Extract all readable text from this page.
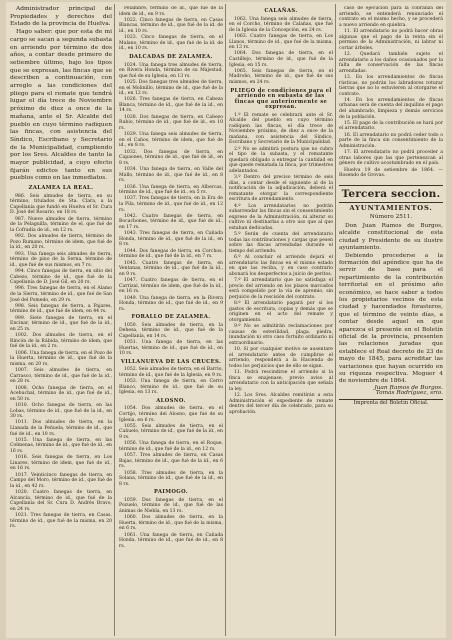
Administrador principal de Propiedades y derechos del Estado de la provincia de Huelva.

Hago saber: que por esta de mi cargo se sacan a segunda subasta en arriendo por término de dos años, a contar desde primero de setiembre último, bajo los tipos que se expresan, las fincas que se describen a continuación, con arreglo a las condiciones del pliego para el remate que tendrá lugar el día trece de Noviembre próximo de diez a once de la mañana, ante el Sr. Alcalde del pueblo en cuyo término radiquen las fincas, con asistencia del Síndico, Escribano y Secretario de la Municipalidad, cumpliendo por los Sres. Alcaldes de tanto la mayor publicidad, a cuyo efecto fijarán edictos tanto en sus pueblos como en las inmediatos.

ZALAMEA LA REAL.

986. Seis almudes de tierra, en su término, titulados de Sta. Clara, a la Capellanía que fundó en Huelva el Sr. Cura D. José del Rosario, en 18 rs.

987. Nueve almudes de tierra, término de la Pelaguilla, término de el, que fué de la Cofradía de id., en 12 rs.

992. Dos almudes de tierra, término de Pozo Rumano, término de idem, que fué de la id., en 20 rs.

993. Una fanega seis almudes de tierra, término de pino de la Serna, término de id., que fué de sus mismos, en 7 rs.

994. Cinco fanegas de tierra, en sitio del Cabezo, término de id., que fué de la Capellanía de D. José Gil, en 20 rs.

996. Tres fanegas de tierra, en el Alamo de la Sierra, término de id., que fué de San José del Pomedo, en 29 rs.

998. Seis fanegas de tierra, a Pajares, término de id., que fué de idem, en 44 rs.

999. Siete fanegas de tierra, en el Encinar, término de id., que fué de la id., en 25 rs.

1002. Dos almudes de tierra, en el Rincón de la Rábida, término de idem, que fué de la id., en 2 rs.

1006. Una fanega de tierra, en el Pozo de la Huerta, término de id., que fué de la misma, en 20 rs.

1007. Seis almudes de tierra, en Carrasco, término de id., que fué de la id., en 28 rs.

1008. Ocho fanegas de tierra, en el Acebuchal, término de id., que fué de id., en 50 rs.

1010. Ocho fanegas de tierra, en las Lobas, término de id., que fué de la id., en 30 rs.

1011. Dos almudes de tierra, en la Llanada de la Peñuela, término de id., que fué de id., en 10 rs.

1015. Una fanega de tierra, en las Colmenas, término de id., que fué de id., en 16 rs.

1016. Seis fanegas de tierra, en Los Linares, término de idem, que fué de id., en 16 rs.

1017. Veinticinco fanegas de tierra, en Campo del Moro, término de id., que fué de la id., en 42 rs.

1020. Cuatro fanegas de tierra, en Alcancía, término de id., que fué de la Capellanía del Sr. Cura D. Andrés Bravo, en 24 rs.

1021. Tres fanegas de tierra, en Casas, término de id., que fué de la misma, en 20 rs.

Pelambre, término de id., que fué de la idem de id., en 9 rs.

1022. Cinco fanegas de tierra, en Casas Blancas, término de id., que fué de la id. de id., en 10 rs.

1023. Cinco fanegas de tierra, en el Malano, término de id., que fué de la id. de id., en 10 rs.

DALCADAS DE ZALAMEA.

1024. Una fanega tres almudes de tierra, en Rivera Honda, término de su Majestad, que fué de su Iglesia, en 13 rs.

1025. Dos fanegas tres almudes de tierra, en el Molinillo, término de id., que fué de la id., en 12 rs.

1026. Tres fanegas de tierra, en Cabeza Blanca, término de id., que fué de la id., en 14 rs.

1028. Dos fanegas de tierra, en Cabezo Rubio, término de id., que fué de id., en 10 rs.

1029. Una fanega seis almudes de tierra, en el Caños, término de idem, que fué de id., en 8 rs.

1032. Dos fanegas de tierra, en Capaones, término de id., que fué de id., en 8 rs.

1034. Una fanega de tierra, en Valle del Mallo, término de id., que fué de id., en 8 rs.

1036. Una fanega de tierra, en Albercas, término de id., que fué de id., en 5 rs.

1037. Tres fanegas de tierra, en la Era de la Pila, término de id., que fué de id., en 12 rs.

1042. Cuatro fanegas de tierra, en Bocachones, término de id., que fué de id., en 17 rs.

1043. Tres fanegas de tierra, en Cañada Honda, término de id., que fué de la id., en 8 rs.

1044. Dos fanegas de tierra, en Corchos, término de id., que fué de la id., en 7 rs.

1045. Cuatro fanegas de tierra, en Ventanas, término de id., que fué de la id., en 9 rs.

1047. Cuatro fanegas de tierra, en el Carrizal, término de idem, que fué de la id., en 16 rs.

1049. Una fanega de tierra, en la Rivera Honda, término de id., que fué de id., en 9 rs.

FORALLO DE ZALAMEA.

1050. Seis almudes de tierra, en la Dehesa, término de id., que fué de la Capellanía, en 14 rs.

1051. Una fanega de tierra, en las Huertas, término de id., que fué de id., en 10 rs.

VILLANUEVA DE LAS CRUCES.

1052. Seis almudes de tierra, en el Barrio, término de id., que fué de la Iglesia, en 9 rs.

1053. Una fanega de tierra, en Cerro Blanco, término de id., que fué de su Iglesia, en 13 rs.

ALOSNO.

1054. Dos almudes de tierra, en el Cortijo, término del Alosno, que fué de su Iglesia, en 6 rs.

1055. Seis almudes de tierra, en el Cañuelo, término de id., que fué de la id., en 9 rs.

1056. Una fanega de tierra, en el Roque, término de id., que fué de la id., en 12 rs.

1057. Tres almudes de tierra, en Casas Bajas, término de id., que fué de la id., en 6 rs.

1058. Tres almudes de tierra, en la Solana, término de id., que fué de la id., en 8 rs.

PAIMOGO.

1059. Dos fanegas de tierra, en el Pozuelo, término de id., que fué de las ánimas de Niebla, en 13 rs.

1060. Dos almudes de tierra, en la Huerta, término de id., que fué de la misma, en 6 rs.

1061. Una fanega de tierra, en Cañada Honda, término de id., que fué de id., en 8 rs.

CALAÑAS.

1062. Una fanega seis almudes de tierra, en el Corcho, término de Calañas, que fué de la Iglesia de la Concepción, en 24 rs.

1063. Cuatro fanegas de tierra, en Los Llanos, término de id., que fué de la misma, en 13 rs.

1064. Dos fanegas de tierra, en el Castillejo, término de id., que fué de la Iglesia, en 15 rs.

1065. Seis fanegas de tierra, en el Madroño, término de id., que fué de sus mismos, en 24 rs.

PLIEGO de condiciones para el arriendo en subasta de las fincas que anteriormente se expresan.

1.º El remate se celebrará ante el Sr. Alcalde del pueblo en cuyo término radiquen las fincas, el día trece de Noviembre próximo, de diez a once de la mañana, con asistencia del Síndico, Escribano y Secretario de la Municipalidad.

2.º No se admitirá postura que no cubra el tipo de la subasta, y el rematante quedará obligado a entregar la cantidad en que quede rematada la finca, por trimestres adelantados.

3.º Dentro del preciso término de seis días, a contar desde el siguiente al de la notificación de la adjudicación, deberá el rematante otorgar la correspondiente escritura de arrendamiento.

4.º Los arrendatarios no podrán subarrendar las fincas sin el consentimiento expreso de la Administración, ni alterar su cultivo ni destinarlas a otro uso que al que estaban dedicadas.

5.º Serán de cuenta del arrendatario todas las contribuciones y cargas que pesen sobre las fincas arrendadas durante el tiempo del arriendo.

6.º Al concluir el arriendo dejará el arrendatario las fincas en el mismo estado en que las reciba, y en caso contrario abonará los desperfectos a juicio de peritos.

7.º El arrendatario que no satisfaga el precio del arriendo en los plazos marcados será compelido por la vía de apremio, sin perjuicio de la rescisión del contrato.

8.º El arrendatario pagará por sí los gastos de escritura, copias y demás que se originen en el acto del remate y otorgamiento.

9.º No se admitirán reclamaciones por causas de esterilidad, plaga, piedra, inundación ni otro caso fortuito ordinario ni extraordinario.

10. Si por cualquier motivo se ausentare el arrendatario antes de cumplirse el arriendo, responderá a la Hacienda de todos los perjuicios que de ello se sigan.

11. Podrá rescindirse el arriendo si la finca se enajenase, previo aviso al arrendatario con la anticipación que señala la ley.

12. Los Sres. Alcaldes remitirán a esta Administración el expediente de remate dentro del tercer día de celebrado, para su aprobación.

caso de ejecución para la cobranza del arriendo, se entenderá renunciado el contrato en el mismo hecho, y se procederá a nuevo arriendo en quiebra.

11. El arrendatario no podrá hacer obras algunas que el pago de la renta sin el permiso de la Administración, ni labrar ni cortar árboles.

12. Quedará también sujeto el arrendatario a los daños ocasionados por la falta de conservación de las fincas arrendadas.

13. En los arrendamientos de fincas rústicas, no podrán los labradores roturar tierras que no lo estuvieren al otorgarse el contrato.

14. En los arrendamientos de fincas urbanas será de cuenta del inquilino el pago del alumbrado, limpieza y demás servicios de la población.

15. El pago de la contribución se hará por el arrendatario.

16. El arrendatario no podrá ceder todo o parte de la finca sin consentimiento de la Administración.

17. El arrendatario no podrá proceder a otras labores que las que pertenezcan al género de cultivo acostumbrado en el país.

Huelva 19 de setiembre de 1864. — Rosendo de Grovas.

Tercera seccion.
AYUNTAMIENTOS.
Número 2511.

Don Juan Ramos de Burgos, alcalde constitucional de esta ciudad y Presidente de su ilustre ayuntamiento.

Debiendo procederse a la formación del apéndice que ha de servir de base para el repartimiento de la contribución territorial en el próximo año económico, se hace saber a todos los propietarios vecinos de esta ciudad y hacendados forasteros, que el término de veinte días, a contar desde aquel en que aparezca el presente en el Boletín oficial de la provincia, presenten las relaciones juradas que establece el Real decreto de 23 de mayo de 1845, para acreditar las variaciones que hayan ocurrido en su riqueza respectiva. Moguer 4 de noviembre de 1864.

Juan Ramos de Burgos.
Tomás Rodríguez, srio.
Imprenta del Boletín Oficial.
